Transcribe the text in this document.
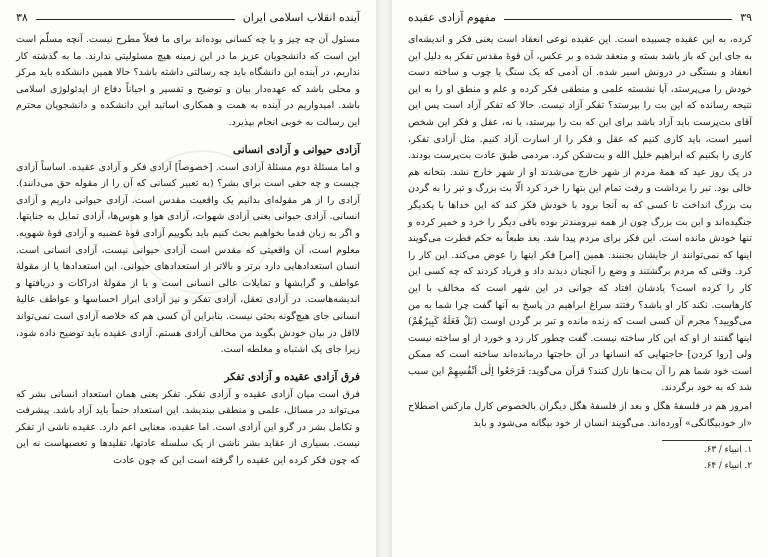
۳۸	آینده انقلاب اسلامی ایران

مسئول آن چه چیز و یا چه کسانی بوده‌اند برای ما فعلاً مطرح نیست. آنچه مسلّم است این است که دانشجویان عزیز ما در این زمینه هیچ مسئولیتی ندارند. ما به گذشته کار نداریم، در آینده این دانشگاه باید چه رسالتی داشته باشد؟ حالا همین دانشکده باید مرکز و محلی باشد که عهده‌دار بیان و توضیح و تفسیر و احیاناً دفاع از ایدئولوژی اسلامی باشد. امیدواریم در آینده به همت و همکاری اساتید این دانشکده و دانشجویان محترم این رسالت به خوبی انجام بپذیرد.

آزادی حیوانی و آزادی انسانی

و اما مسئلهٔ دوم مسئلهٔ آزادی است. [خصوصاً] آزادی فکر و آزادی عقیده. اساساً آزادی چیست و چه حقی است برای بشر؟ (به تعبیر کسانی که آن را از مقوله حق می‌دانند). آزادی را از هر مقوله‌ای بدانیم یک واقعیت مقدس است. آزادی حیوانی داریم و آزادی انسانی. آزادی حیوانی یعنی آزادی شهوات، آزادی هوا و هوس‌ها، آزادی تمایل به جنایتها. و اگر به زبان قدما بخواهیم بحث کنیم باید بگوییم آزادی قوهٔ غضبیه و آزادی قوهٔ شهویه. معلوم است، آن واقعیتی که مقدس است آزادی حیوانی نیست، آزادی انسانی است. انسان استعدادهایی دارد برتر و بالاتر از استعدادهای حیوانی. این استعدادها یا از مقولهٔ عواطف و گرایشها و تمایلات عالی انسانی است و یا از مقولهٔ ادراکات و دریافتها و اندیشه‌هاست. در آزادی تعقل، آزادی تفکر و نیز آزادی ابراز احساسها و عواطف عالیهٔ انسانی جای هیچ‌گونه بحثی نیست. بنابراین آن کسی هم که خلاصه آزادی است نمی‌تواند لااقل در بیان خودش بگوید من مخالف آزادی هستم. آزادی عقیده باید توضیح داده شود، زیرا جای یک اشتباه و مغلطه است.

فرق آزادی عقیده و آزادی تفکر

فرق است میان آزادی عقیده و آزادی تفکر. تفکر یعنی همان استعداد انسانی بشر که می‌تواند در مسائل، علمی و منطقی بیندیشد. این استعداد حتماً باید آزاد باشد. پیشرفت و تکامل بشر در گرو این آزادی است. اما عقیده، معنایی اعم دارد. عقیده ناشی از تفکر نیست. بسیاری از عقاید بشر ناشی از یک سلسله عادتها، تقلیدها و تعصبهاست نه این که چون فکر کرده این عقیده را گرفته است این که چون عادت

مفهوم آزادی عقیده	۳۹

کرده، به این عقیده چسبیده است. این عقیده نوعی انعقاد است یعنی فکر و اندیشه‌ای به جای این که باز باشد بسته و منعقد شده و بر عکس، آن قوهٔ مقدس تفکر به دلیل این انعقاد و بستگی در درونش اسیر شده. آن آدمی که یک سنگ یا چوب و ساخته دست خودش را می‌پرستد، آیا نشسته علمی و منطقی فکر کرده و علم و منطق او را به این نتیجه رسانده که این بت را بپرستد؟ تفکر آزاد نیست. حالا که تفکر آزاد است پس این آقای بت‌پرست باید آزاد باشد برای این که بت را بپرستد، یا نه، عقل و فکر این شخص اسیر است، باید کاری کنیم که عقل و فکر را از اسارت آزاد کنیم. مثل آزادی تفکر، کاری را بکنیم که ابراهیم خلیل الله و بت‌شکن کرد. مردمی طبق عادت بت‌پرست بودند. در یک روز عید که همهٔ مردم از شهر خارج می‌شدند او از شهر خارج نشد. بتخانه هم خالی بود. تبر را برداشت و رفت تمام این بتها را خرد کرد الّا بت بزرگ و تبر را به گردن بت بزرگ انداخت تا کسی که به آنجا برود با خودش فکر کند که این خداها با یکدیگر جنگیده‌اند و این بت بزرگ چون از همه نیرومندتر بوده باقی دیگر را خرد و خمیر کرده و تنها خودش مانده است. این فکر برای مردم پیدا شد. بعد طبعاً به حکم فطرت می‌گویند اینها که نمی‌توانند از جایشان بجنبند. همین [امر] فکر اینها را عوض می‌کند. این کار را کرد. وقتی که مردم برگشتند و وضع را آنچنان دیدند داد و فریاد کردند که چه کسی این کار را کرده است؟ یادشان افتاد که جوانی در این شهر است که مخالف با این کارهاست. نکند کار او باشد؟ رفتند سراغ ابراهیم در پاسخ به آنها گفت چرا شما به من می‌گویید؟ مجرم آن کسی است که زنده مانده و تبر بر گردن اوست (بَلْ فَعَلَهُ کَبِیرُهُمْ) اینها گفتند از او که این کار ساخته نیست. گفت چطور کار زد و خورد از او ساخته نیست ولی [روا کردن] حاجتهایی که انسانها در آن حاجتها درمانده‌اند ساخته است که ممکن است خود شما هم را آن بت‌ها نازل کنند؟ قرآن می‌گوید: فَرَجَعُوا اِلٰی اَنْفُسِهِمْ این سبب شد که به خود برگردند.

امروز هم در فلسفهٔ هگل و بعد از فلسفهٔ هگل دیگران بالخصوص کارل مارکس اصطلاح «از خودبیگانگی» آورده‌اند. می‌گویند انسان از خود بیگانه می‌شود و باید

۱. انبیاء / ۶۳.

۲. انبیاء / ۶۴.
